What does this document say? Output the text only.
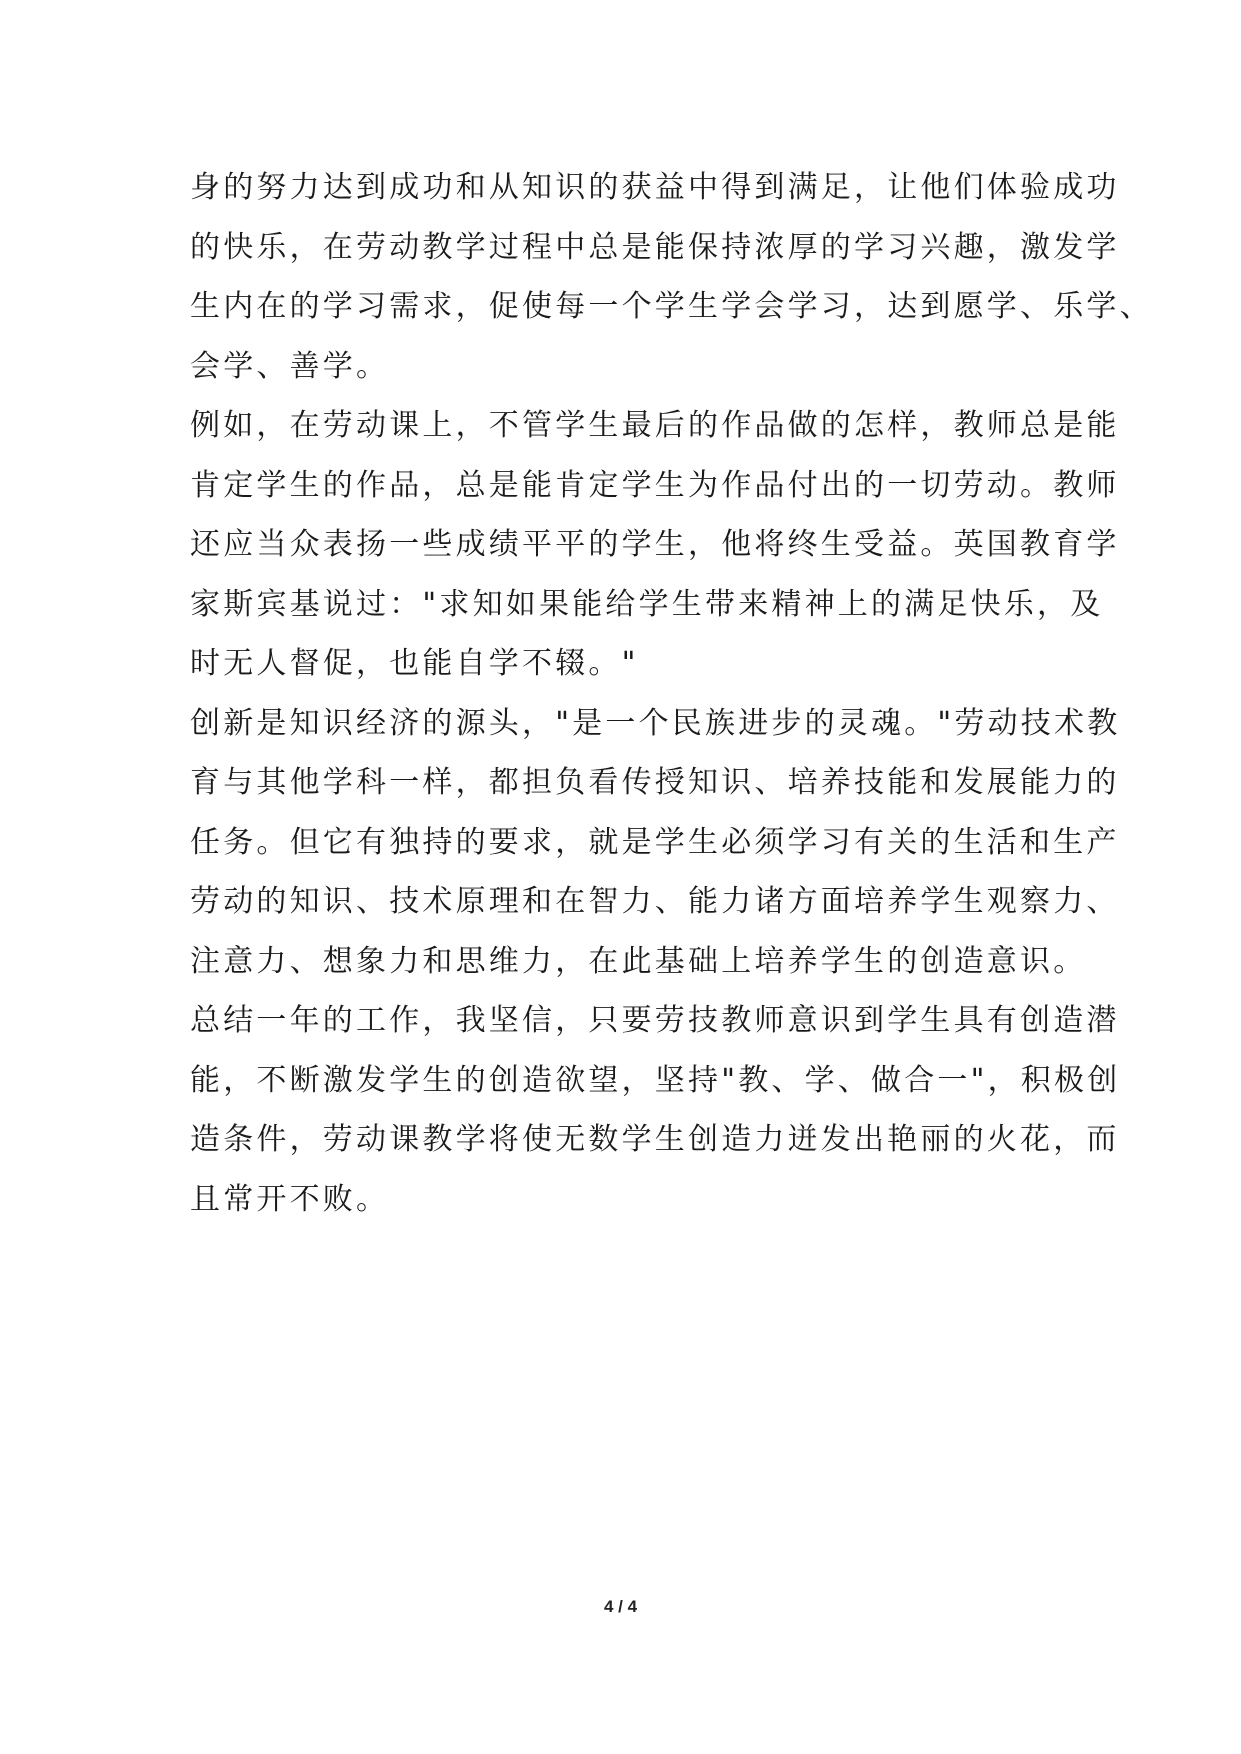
身的努力达到成功和从知识的获益中得到满足，让他们体验成功
的快乐，在劳动教学过程中总是能保持浓厚的学习兴趣，激发学
生内在的学习需求，促使每一个学生学会学习，达到愿学、乐学、
会学、善学。
例如，在劳动课上，不管学生最后的作品做的怎样，教师总是能
肯定学生的作品，总是能肯定学生为作品付出的一切劳动。教师
还应当众表扬一些成绩平平的学生，他将终生受益。英国教育学
家斯宾基说过："求知如果能给学生带来精神上的满足快乐，及
时无人督促，也能自学不辍。"
创新是知识经济的源头，"是一个民族进步的灵魂。"劳动技术教
育与其他学科一样，都担负看传授知识、培养技能和发展能力的
任务。但它有独持的要求，就是学生必须学习有关的生活和生产
劳动的知识、技术原理和在智力、能力诸方面培养学生观察力、
注意力、想象力和思维力，在此基础上培养学生的创造意识。
总结一年的工作，我坚信，只要劳技教师意识到学生具有创造潜
能，不断激发学生的创造欲望，坚持"教、学、做合一"，积极创
造条件，劳动课教学将使无数学生创造力迸发出艳丽的火花，而
且常开不败。
4 / 4
